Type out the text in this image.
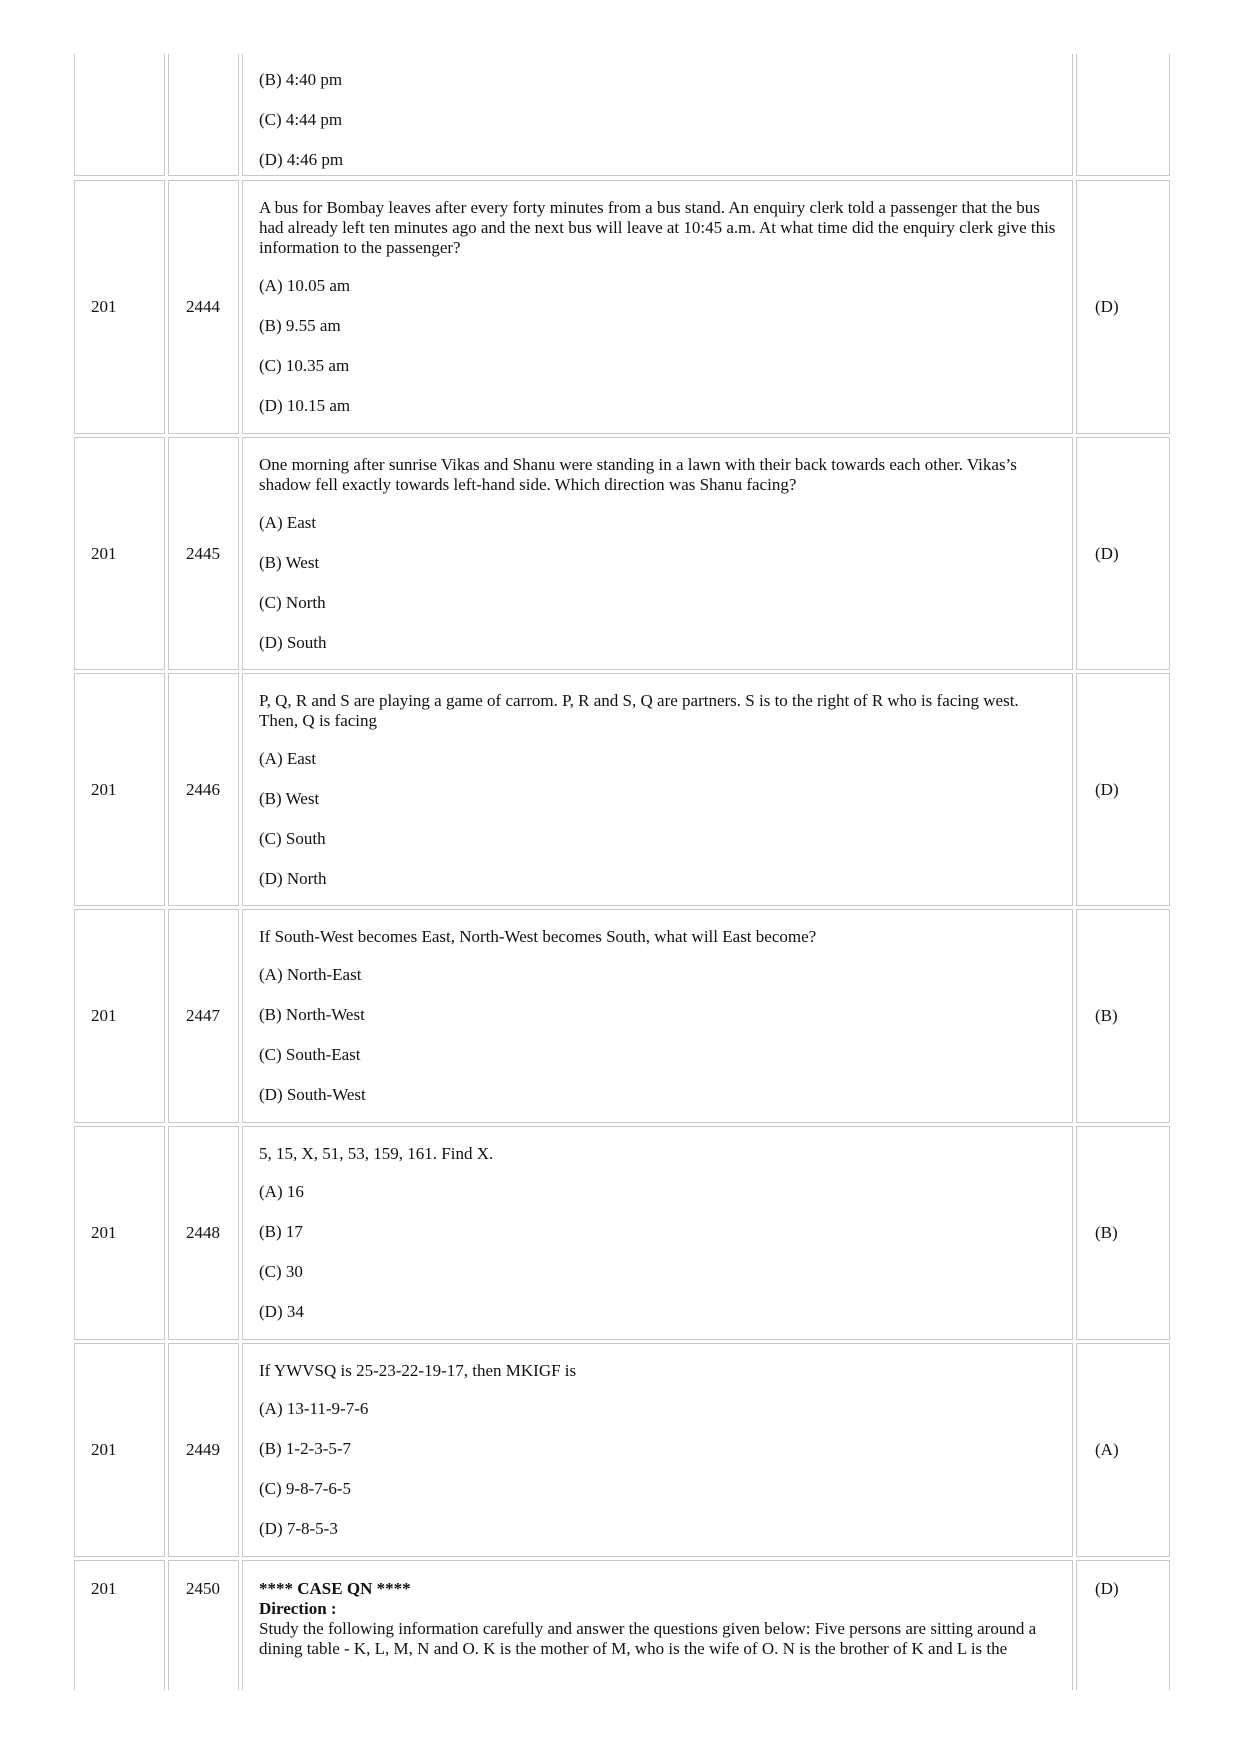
(B) 4:40 pm
(C) 4:44 pm
(D) 4:46 pm
201	2444
A bus for Bombay leaves after every forty minutes from a bus stand. An enquiry clerk told a passenger that the bus had already left ten minutes ago and the next bus will leave at 10:45 a.m. At what time did the enquiry clerk give this information to the passenger?
(A) 10.05 am
(B) 9.55 am
(C) 10.35 am
(D) 10.15 am
(D)
201	2445
One morning after sunrise Vikas and Shanu were standing in a lawn with their back towards each other. Vikas’s shadow fell exactly towards left-hand side. Which direction was Shanu facing?
(A) East
(B) West
(C) North
(D) South
(D)
201	2446
P, Q, R and S are playing a game of carrom. P, R and S, Q are partners. S is to the right of R who is facing west. Then, Q is facing
(A) East
(B) West
(C) South
(D) North
(D)
201	2447
If South-West becomes East, North-West becomes South, what will East become?
(A) North-East
(B) North-West
(C) South-East
(D) South-West
(B)
201	2448
5, 15, X, 51, 53, 159, 161. Find X.
(A) 16
(B) 17
(C) 30
(D) 34
(B)
201	2449
If YWVSQ is 25-23-22-19-17, then MKIGF is
(A) 13-11-9-7-6
(B) 1-2-3-5-7
(C) 9-8-7-6-5
(D) 7-8-5-3
(A)
201	2450	**** CASE QN ****
Direction :
Study the following information carefully and answer the questions given below: Five persons are sitting around a dining table - K, L, M, N and O. K is the mother of M, who is the wife of O. N is the brother of K and L is the
(D)
